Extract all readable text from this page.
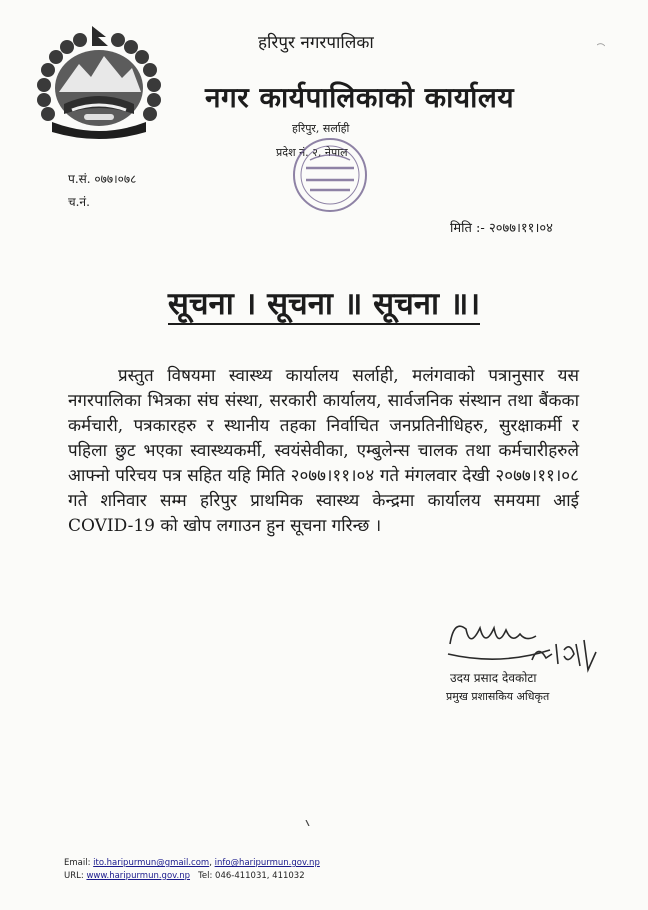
हरिपुर नगरपालिका
नगर कार्यपालिकाको कार्यालय
हरिपुर, सर्लाही
प्रदेश नं. २, नेपाल
प.सं. ०७७।०७८
च.नं.
मिति :- २०७७।११।०४
सूचना । सूचना ॥ सूचना ॥।
प्रस्तुत विषयमा स्वास्थ्य कार्यालय सर्लाही, मलंगवाको पत्रानुसार यस नगरपालिका भित्रका संघ संस्था, सरकारी कार्यालय, सार्वजनिक संस्थान तथा बैंकका कर्मचारी, पत्रकारहरु र स्थानीय तहका निर्वाचित जनप्रतिनीधिहरु, सुरक्षाकर्मी र पहिला छुट भएका स्वास्थ्यकर्मी, स्वयंसेवीका, एम्बुलेन्स चालक तथा कर्मचारीहरुले आफ्नो परिचय पत्र सहित यहि मिति २०७७।११।०४ गते मंगलवार देखी २०७७।११।०८ गते शनिवार सम्म हरिपुर प्राथमिक स्वास्थ्य केन्द्रमा कार्यालय समयमा आई COVID-19 को खोप लगाउन हुन सूचना गरिन्छ ।
उदय प्रसाद देवकोटा
प्रमुख प्रशासकिय अधिकृत
Email: ito.haripurmun@gmail.com, info@haripurmun.gov.np
URL: www.haripurmun.gov.np Tel: 046-411031, 411032
